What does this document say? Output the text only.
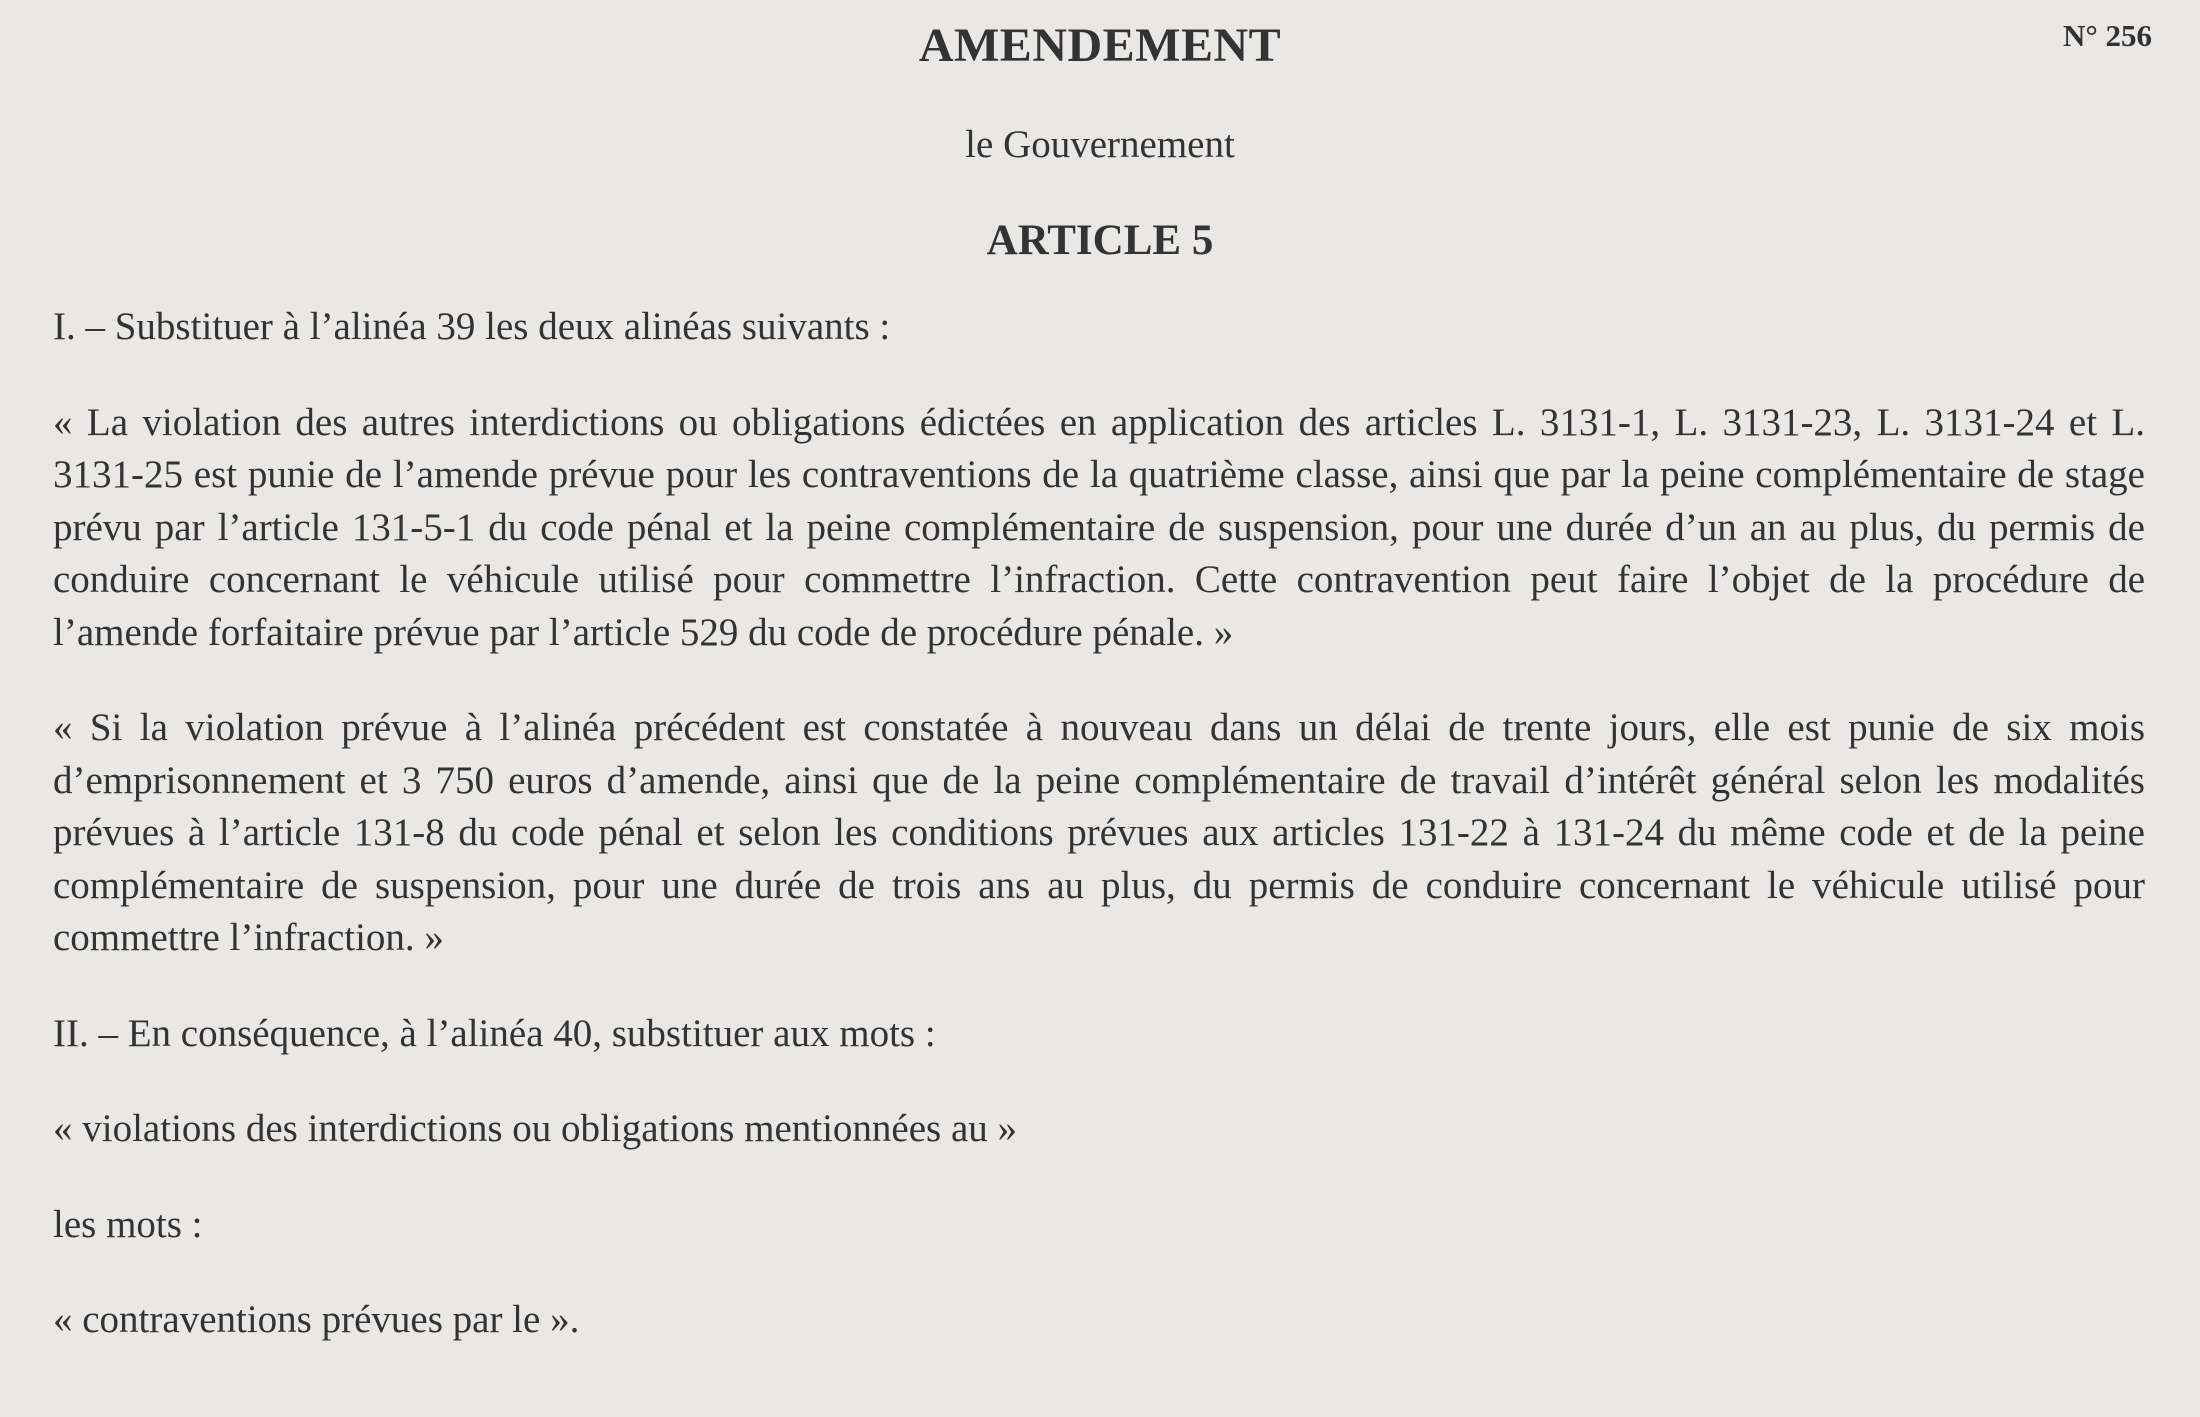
N° 256
AMENDEMENT
le Gouvernement
ARTICLE 5

I. – Substituer à l’alinéa 39 les deux alinéas suivants :

« La violation des autres interdictions ou obligations édictées en application des articles L. 3131-1, L. 3131-23, L. 3131-24 et L. 3131-25 est punie de l’amende prévue pour les contraventions de la quatrième classe, ainsi que par la peine complémentaire de stage prévu par l’article 131-5-1 du code pénal et la peine complémentaire de suspension, pour une durée d’un an au plus, du permis de conduire concernant le véhicule utilisé pour commettre l’infraction. Cette contravention peut faire l’objet de la procédure de l’amende forfaitaire prévue par l’article 529 du code de procédure pénale. »

« Si la violation prévue à l’alinéa précédent est constatée à nouveau dans un délai de trente jours, elle est punie de six mois d’emprisonnement et 3 750 euros d’amende, ainsi que de la peine complémentaire de travail d’intérêt général selon les modalités prévues à l’article 131-8 du code pénal et selon les conditions prévues aux articles 131-22 à 131-24 du même code et de la peine complémentaire de suspension, pour une durée de trois ans au plus, du permis de conduire concernant le véhicule utilisé pour commettre l’infraction. »

II. – En conséquence, à l’alinéa 40, substituer aux mots :

« violations des interdictions ou obligations mentionnées au »

les mots :

« contraventions prévues par le ».
